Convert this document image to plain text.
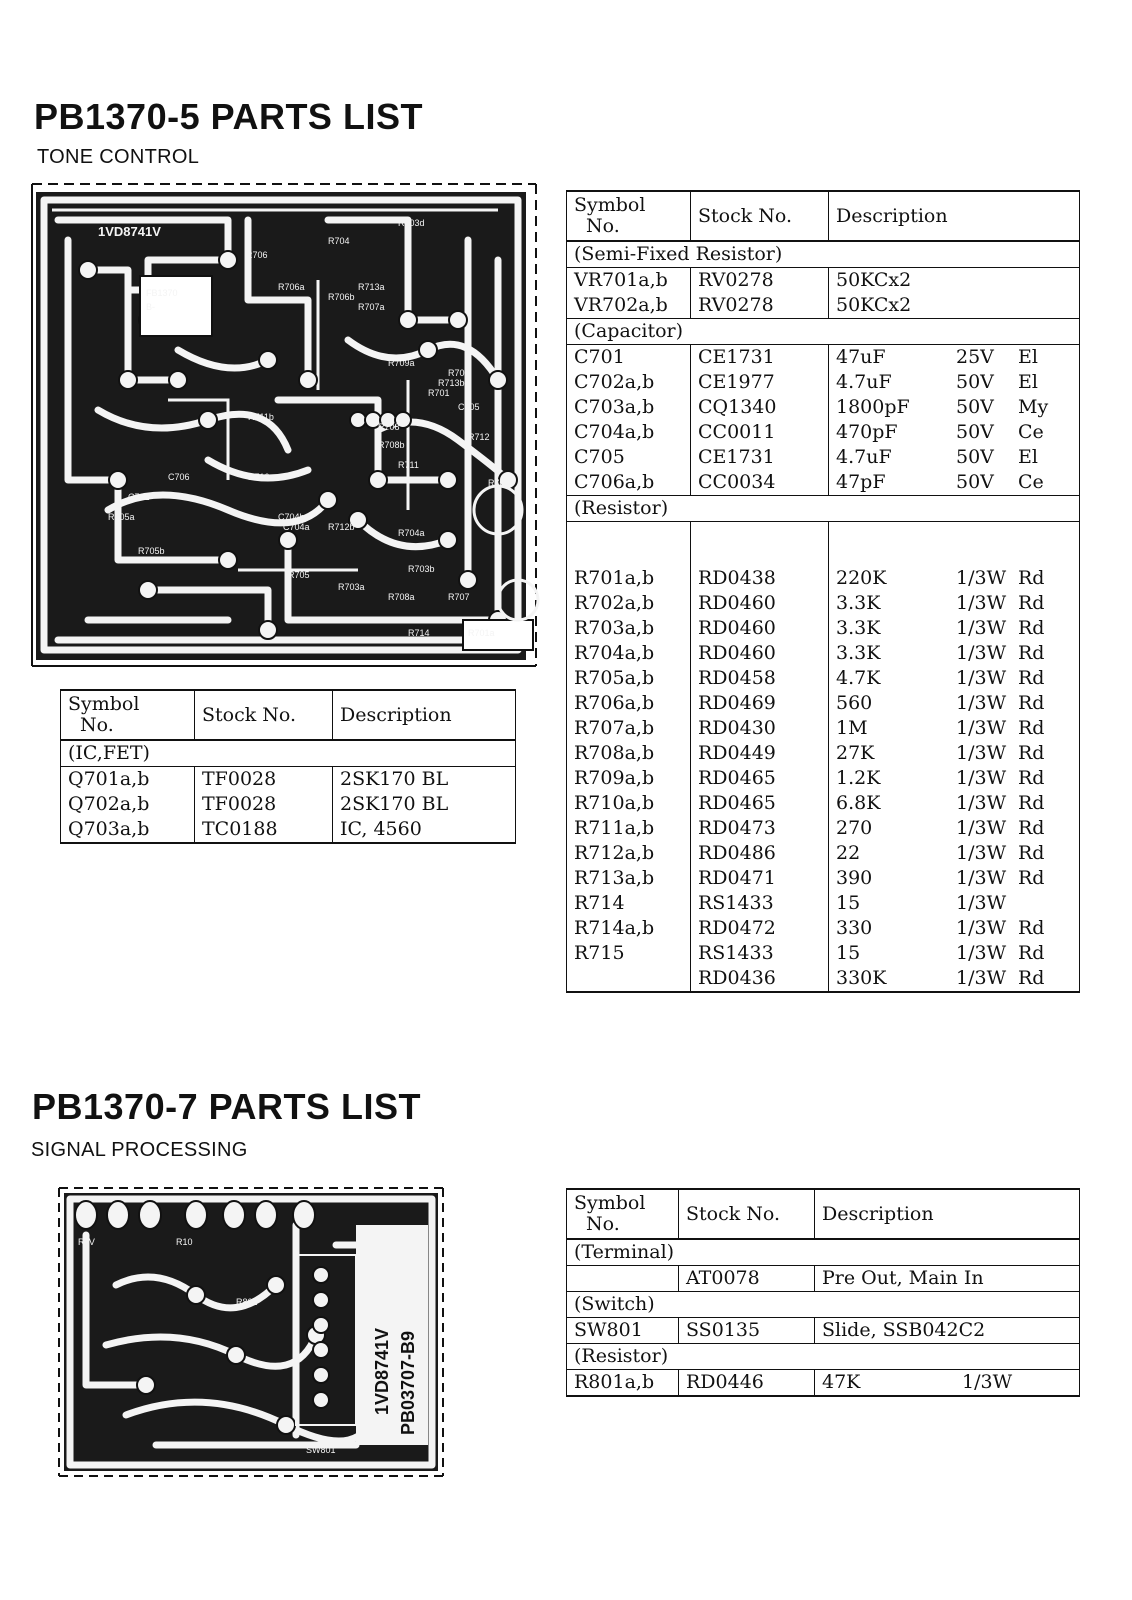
PB1370-5 PARTS LIST
TONE CONTROL
1VD8741V
FB1370
B-
R703d
R704
R706
R706a
R706b
R711b
R708
R708b
R709a
R707a
R713a
R705b
R705a
C701
C706	R710
R711
R712b
R713b
R705
R704a
C704b
C704a
R703b
R702
R701
C705
R712
R704b
R703a
R708a	R707
R701a
R714
Symbol
No.	Stock No.	Description
(IC,FET)		
Q701a,b	TF0028	2SK170 BL
Q702a,b	TF0028	2SK170 BL
Q703a,b	TC0188	IC, 4560
Symbol
No.	Stock No.	Description
(Semi-Fixed Resistor)		
VR701a,b	RV0278	50KCx2
VR702a,b	RV0278	50KCx2
(Capacitor)		
C701	CE1731	47uF 25V El
C702a,b	CE1977	4.7uF 50V El
C703a,b	CQ1340	1800pF 50V My
C704a,b	CC0011	470pF 50V Ce
C705	CE1731	4.7uF 50V El
C706a,b	CC0034	47pF 50V Ce
(Resistor)		

R701a,b	RD0438	220K 1/3W Rd
R702a,b	RD0460	3.3K 1/3W Rd
R703a,b	RD0460	3.3K 1/3W Rd
R704a,b	RD0460	3.3K 1/3W Rd
R705a,b	RD0458	4.7K 1/3W Rd
R706a,b	RD0469	560 1/3W Rd
R707a,b	RD0430	1M 1/3W Rd
R708a,b	RD0449	27K 1/3W Rd
R709a,b	RD0465	1.2K 1/3W Rd
R710a,b	RD0465	6.8K 1/3W Rd
R711a,b	RD0473	270 1/3W Rd
R712a,b	RD0486	22 1/3W Rd
R713a,b	RD0471	390 1/3W Rd
R714	RS1433	15 1/3W
R714a,b	RD0472	330 1/3W Rd
R715	RS1433	15 1/3W Rd
	RD0436	330K 1/3W Rd
PB1370-7 PARTS LIST
SIGNAL PROCESSING
1VD8741V PB03707-B9
RLV	R10
R801
SW801
Symbol
No.	Stock No.	Description
(Terminal)		
	AT0078	Pre Out, Main In
(Switch)		
SW801	SS0135	Slide, SSB042C2
(Resistor)		
R801a,b	RD0446	47K 1/3W
